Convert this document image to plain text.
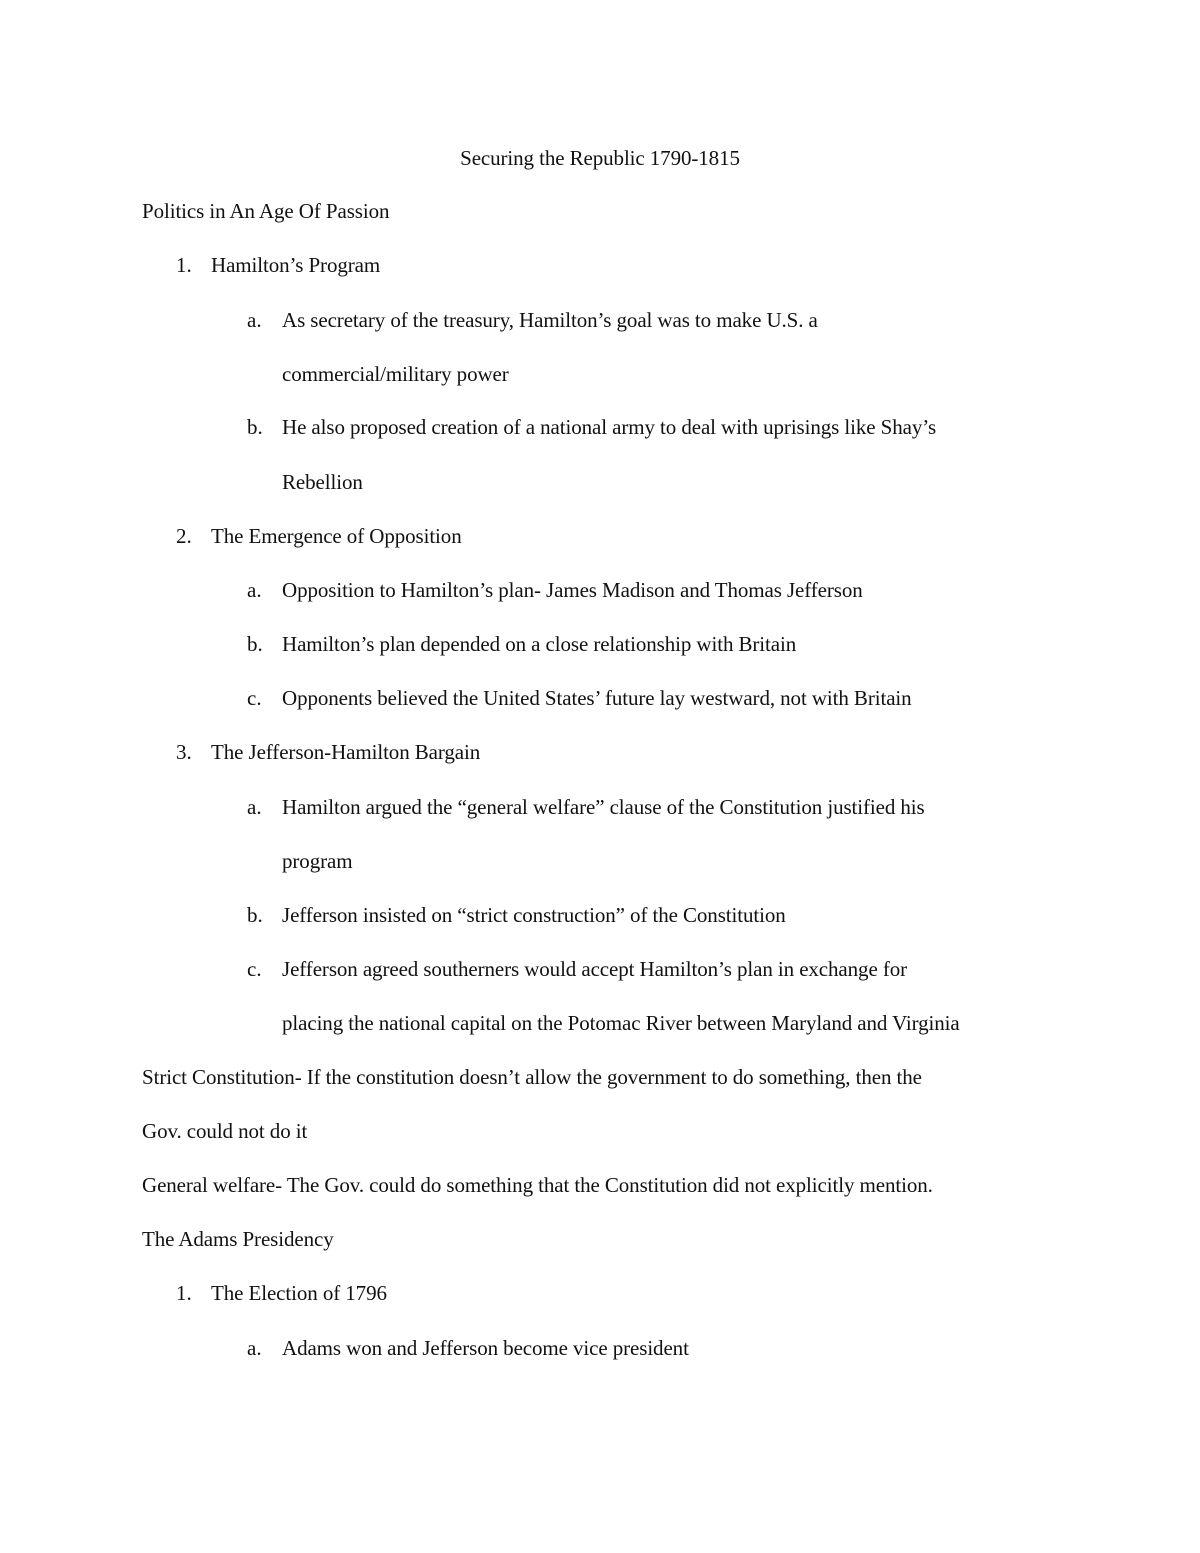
Securing the Republic 1790-1815
Politics in An Age Of Passion
1. Hamilton’s Program
a. As secretary of the treasury, Hamilton’s goal was to make U.S. a
commercial/military power
b. He also proposed creation of a national army to deal with uprisings like Shay’s
Rebellion
2. The Emergence of Opposition
a. Opposition to Hamilton’s plan- James Madison and Thomas Jefferson
b. Hamilton’s plan depended on a close relationship with Britain
c. Opponents believed the United States’ future lay westward, not with Britain
3. The Jefferson-Hamilton Bargain
a. Hamilton argued the “general welfare” clause of the Constitution justified his
program
b. Jefferson insisted on “strict construction” of the Constitution
c. Jefferson agreed southerners would accept Hamilton’s plan in exchange for
placing the national capital on the Potomac River between Maryland and Virginia
Strict Constitution- If the constitution doesn’t allow the government to do something, then the
Gov. could not do it
General welfare- The Gov. could do something that the Constitution did not explicitly mention.
The Adams Presidency
1. The Election of 1796
a. Adams won and Jefferson become vice president
